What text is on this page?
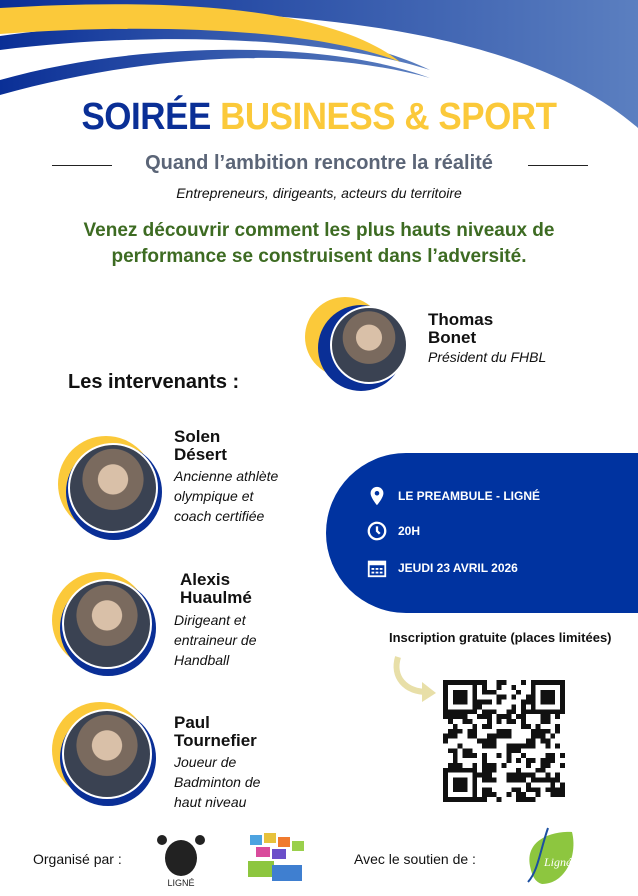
SOIRÉE BUSINESS & SPORT
Quand l’ambition rencontre la réalité
Entrepreneurs, dirigeants, acteurs du territoire
Venez découvrir comment les plus hauts niveaux de performance se construisent dans l’adversité.
Thomas
Bonet
Président du FHBL
Les intervenants :
Solen
Désert
Ancienne athlète
olympique et
coach certifiée
Alexis
Huaulmé
Dirigeant et
entraineur de
Handball
Paul
Tournefier
Joueur de
Badminton de
haut niveau
LE PREAMBULE - LIGNÉ
20H
JEUDI 23 AVRIL 2026
Inscription gratuite (places limitées)
Organisé par :
LIGNÉ
Avec le soutien de :	Ligné
